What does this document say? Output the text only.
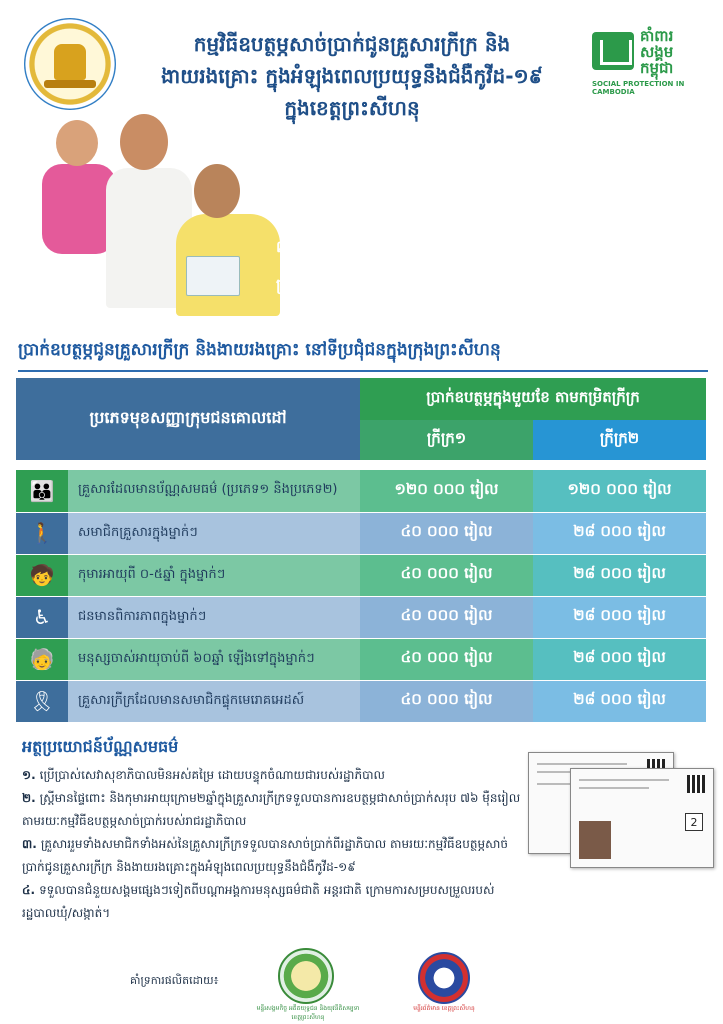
កម្មវិធីឧបត្ថម្ភសាច់ប្រាក់ជូនគ្រួសារក្រីក្រ និង
ងាយរងគ្រោះ ក្នុងអំឡុងពេលប្រយុទ្ធនឹងជំងឺកូវីដ-១៩
ក្នុងខេត្តព្រះសីហនុ
គាំពារ សង្គម កម្ពុជា
SOCIAL PROTECTION IN CAMBODIA
អ្នកដែលមានប័ណ្ណសមធម៌អាចមកផ្ទៀងផ្ទាត់ឈ្មោះ នៅសាលាឃុំសង្កាត់ណាមួយក៏បានដែលនៅជិតផ្ទះ ឬនៅជិតកន្លែងស្នាក់នៅ ក្នុងខេត្តព្រះសីហនុ។
ប្រាក់ឧបត្ថម្ភជូនគ្រួសារក្រីក្រ និងងាយរងគ្រោះ នៅទីប្រជុំជនក្នុងក្រុងព្រះសីហនុ
ប្រភេទមុខសញ្ញាក្រុមជនគោលដៅ		ប្រាក់ឧបត្ថម្ភក្នុងមួយខែ តាមកម្រិតក្រីក្រ	
		ក្រីក្រ១	ក្រីក្រ២

👪	គ្រួសារដែលមានប័ណ្ណសមធម៌ (ប្រភេទ១ និងប្រភេទ២)	១២០ ០០០ រៀល	១២០ ០០០ រៀល
🚶	សមាជិកគ្រួសារក្នុងម្នាក់ៗ	៤០ ០០០ រៀល	២៨ ០០០ រៀល
🧒	កុមារអាយុពី ០-៥ឆ្នាំ ក្នុងម្នាក់ៗ	៤០ ០០០ រៀល	២៨ ០០០ រៀល
♿	ជនមានពិការភាពក្នុងម្នាក់ៗ	៤០ ០០០ រៀល	២៨ ០០០ រៀល
🧓	មនុស្សចាស់អាយុចាប់ពី ៦០ឆ្នាំ ឡើងទៅក្នុងម្នាក់ៗ	៤០ ០០០ រៀល	២៨ ០០០ រៀល
🎗	គ្រួសារក្រីក្រដែលមានសមាជិកផ្ទុកមេរោគអេដស៍	៤០ ០០០ រៀល	២៨ ០០០ រៀល
អត្ថប្រយោជន៍ប័ណ្ណសមធម៌
១. ប្រើប្រាស់សេវាសុខាភិបាលមិនអស់គម្រៃ ដោយបន្ទុកចំណាយជារបស់រដ្ឋាភិបាល
២. ស្ត្រីមានផ្ទៃពោះ និងកុមារអាយុក្រោម២ឆ្នាំក្នុងគ្រួសារក្រីក្រទទួលបានការឧបត្ថម្ភជាសាច់ប្រាក់សរុប ៧៦ ម៉ឺនរៀល តាមរយៈកម្មវិធីឧបត្ថម្ភសាច់ប្រាក់របស់រាជរដ្ឋាភិបាល
៣. គ្រួសាររួមទាំងសមាជិកទាំងអស់នៃគ្រួសារក្រីក្រទទួលបានសាច់ប្រាក់ពីរដ្ឋាភិបាល តាមរយៈកម្មវិធីឧបត្ថម្ភសាច់ប្រាក់ជូនគ្រួសារក្រីក្រ និងងាយរងគ្រោះក្នុងអំឡុងពេលប្រយុទ្ធនឹងជំងឺកូវីដ-១៩
៤. ទទួលបានជំនួយសង្គមផ្សេងៗទៀតពីបណ្តាអង្គការមនុស្សធម៌ជាតិ អន្តរជាតិ ក្រោមការសម្របសម្រួលរបស់រដ្ឋបាលឃុំ/សង្កាត់។
2
គាំទ្រការផលិតដោយ៖
មន្ទីរសង្គមកិច្ច អតីតយុទ្ធជន និងយុវនីតិសម្បទា ខេត្តព្រះសីហនុ
មន្ទីរព័ត៌មាន ខេត្តព្រះសីហនុ
